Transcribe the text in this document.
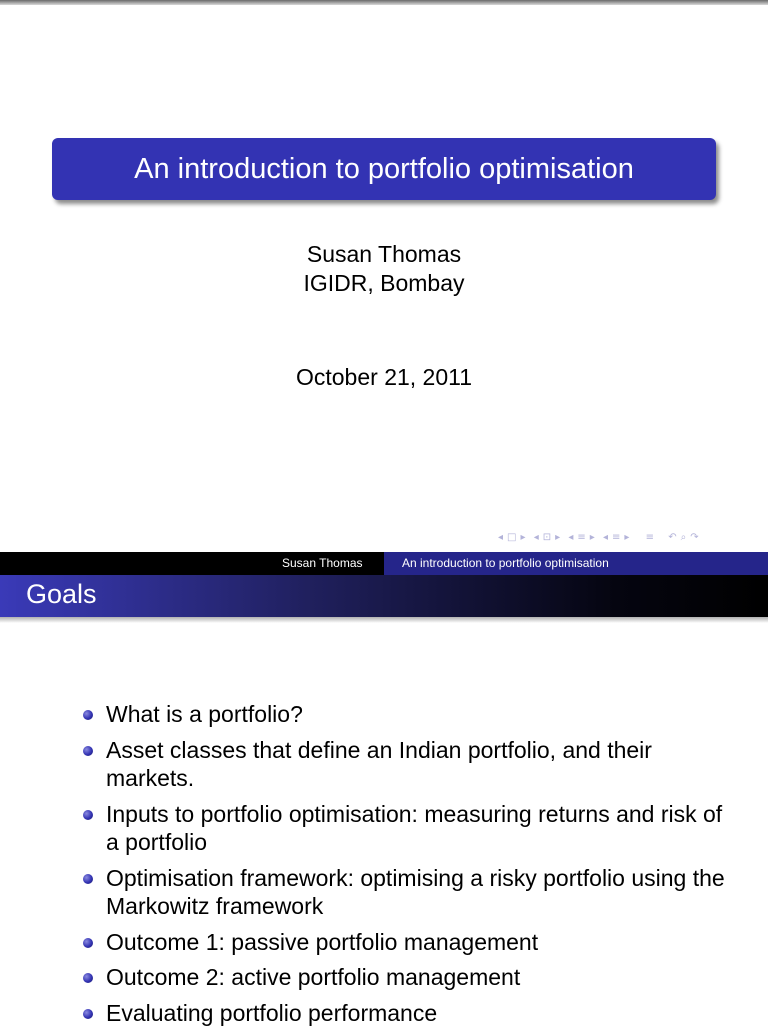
An introduction to portfolio optimisation
Susan Thomas
IGIDR, Bombay
October 21, 2011
◂ □ ▸ ◂ ⊡ ▸ ◂ ≡ ▸ ◂ ≡ ▸ ≡ ↶ ⌕ ↷
Susan Thomas	An introduction to portfolio optimisation
Goals
What is a portfolio?
Asset classes that define an Indian portfolio, and their markets.
Inputs to portfolio optimisation: measuring returns and risk of a portfolio
Optimisation framework: optimising a risky portfolio using the Markowitz framework
Outcome 1: passive portfolio management
Outcome 2: active portfolio management
Evaluating portfolio performance
